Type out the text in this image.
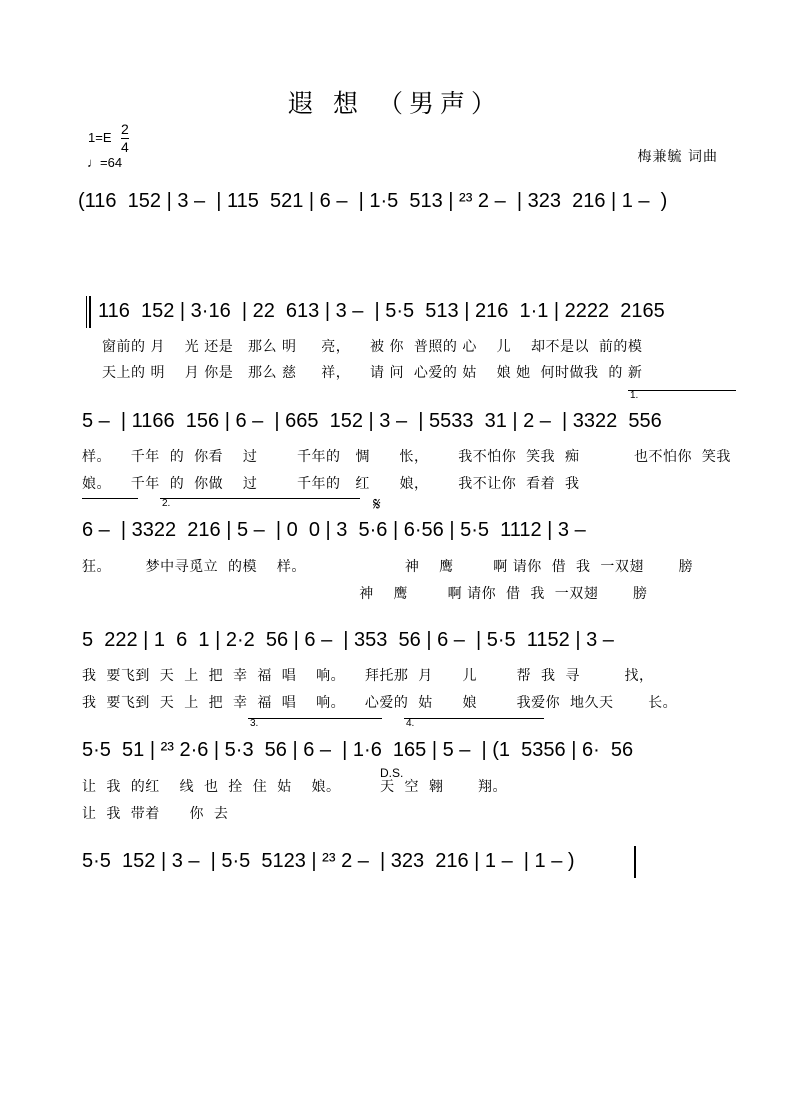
遐 想 （男声）
1=E
2
4
♩=64	梅兼毓 词曲
(116  152 | 3 –  | 115  521 | 6 –  | 1·5  513 | ²³ 2 –  | 323  216 | 1 –  )
116  152 | 3·16  | 22  613 | 3 –  | 5·5  513 | 216  1·1 | 2222  2165
窗前的 月    光 还是   那么 明     亮，    被 你  普照的 心    儿    却不是以  前的模
天上的 明    月 你是   那么 慈     祥，    请 问  心爱的 姑    娘 她  何时做我  的 新
1.
5 –  | 1166  156 | 6 –  | 665  152 | 3 –  | 5533  31 | 2 –  | 3322  556
样。    千年  的  你看    过        千年的   惆      怅，      我不怕你  笑我  痴           也不怕你  笑我
娘。    千年  的  你做    过        千年的   红      娘，      我不让你  看着  我
2.	𝄋
6 –  | 3322  216 | 5 –  | 0  0 | 3  5·6 | 6·56 | 5·5  1112 | 3 –
狂。       梦中寻觅立  的模    样。                    神    鹰        啊 请你  借  我  一双翅       膀
神    鹰        啊 请你  借  我  一双翅       膀
5  222 | 1  6  1 | 2·2  56 | 6 –  | 353  56 | 6 –  | 5·5  1152 | 3 –
我  要飞到  天  上  把  幸  福  唱    响。    拜托那  月      儿        帮  我  寻         找，
我  要飞到  天  上  把  幸  福  唱    响。    心爱的  姑      娘        我爱你  地久天       长。
3.	4.
5·5  51 | ²³ 2·6 | 5·3  56 | 6 –  | 1·6  165 | 5 –  | (1  5356 | 6·  56
D.S.
让  我  的红    线  也  拴  住  姑    娘。        天  空  翱       翔。
让  我  带着      你  去
5·5  152 | 3 –  | 5·5  5123 | ²³ 2 –  | 323  216 | 1 –  | 1 – )
